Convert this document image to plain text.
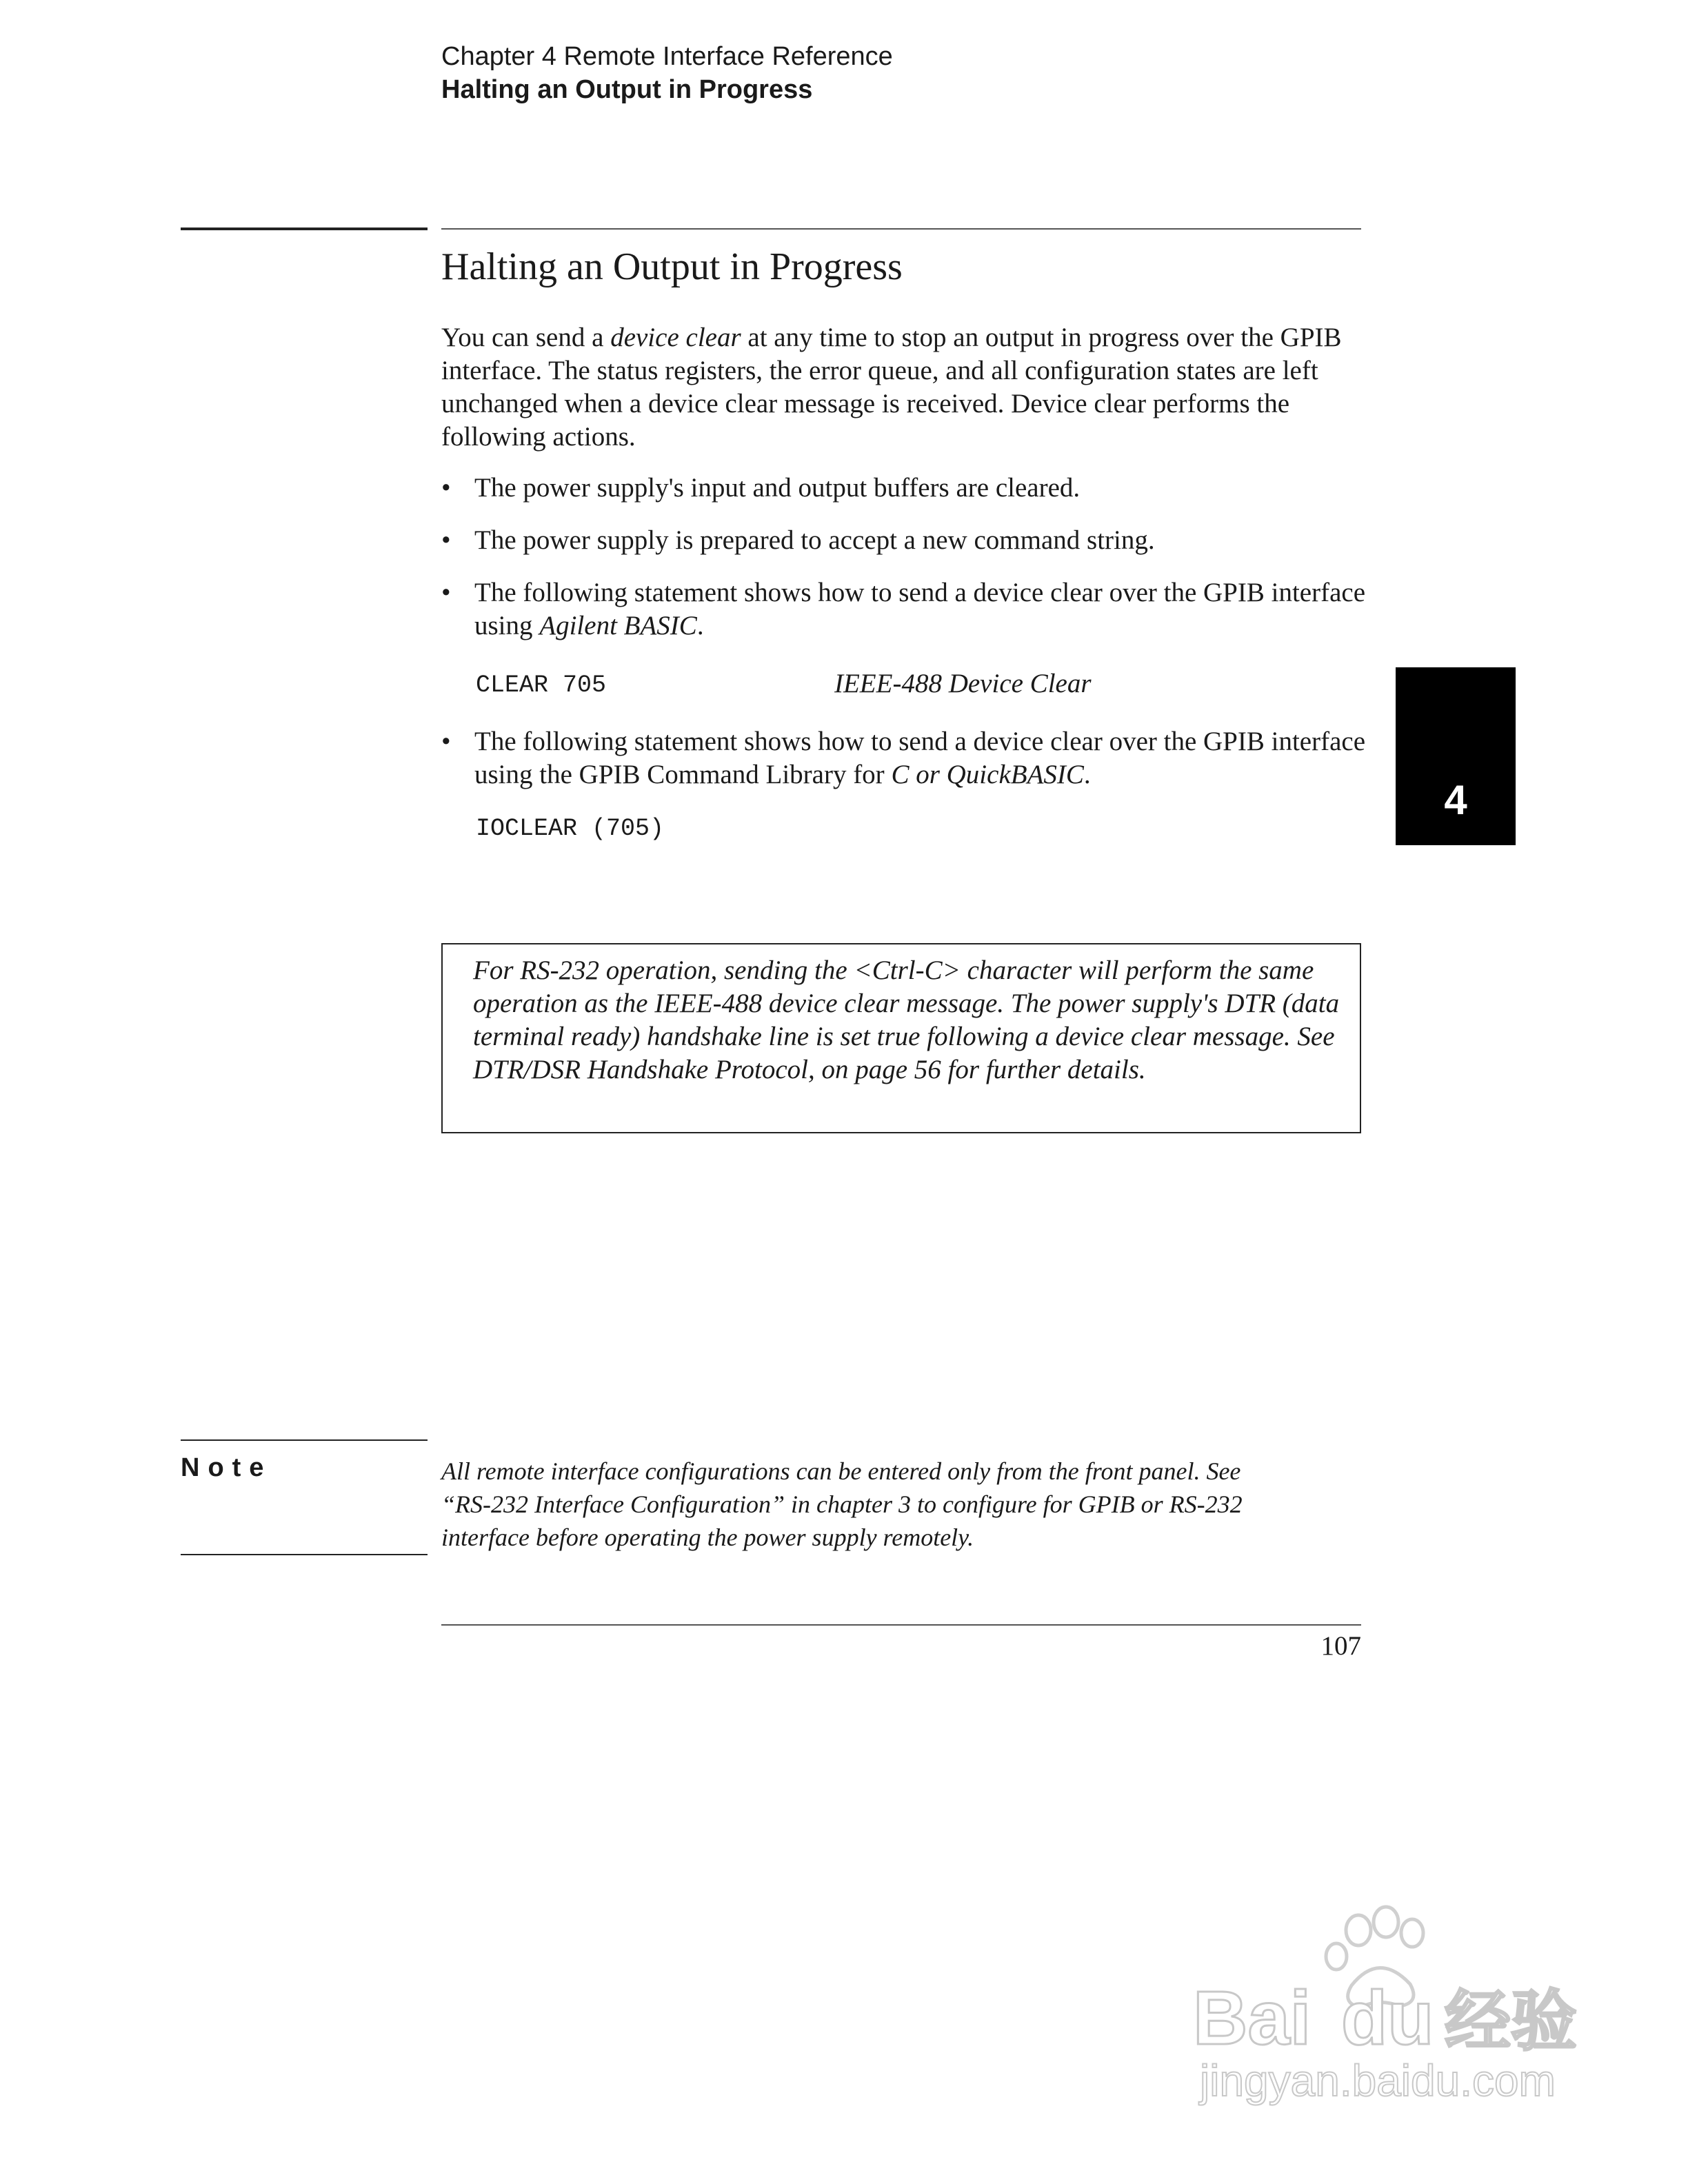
Chapter 4 Remote Interface Reference
Halting an Output in Progress
Halting an Output in Progress

You can send a device clear at any time to stop an output in progress over the GPIB interface. The status registers, the error queue, and all configuration states are left unchanged when a device clear message is received. Device clear performs the following actions.

• The power supply's input and output buffers are cleared.
• The power supply is prepared to accept a new command string.
• The following statement shows how to send a device clear over the GPIB interface using Agilent BASIC.
CLEAR 705	IEEE-488 Device Clear
• The following statement shows how to send a device clear over the GPIB interface using the GPIB Command Library for C or QuickBASIC.
IOCLEAR (705)
4

For RS-232 operation, sending the <Ctrl-C> character will perform the same operation as the IEEE-488 device clear message. The power supply's DTR (data terminal ready) handshake line is set true following a device clear message. See DTR/DSR Handshake Protocol, on page 56 for further details.

Note	All remote interface configurations can be entered only from the front panel. See “RS-232 Interface Configuration” in chapter 3 to configure for GPIB or RS-232 interface before operating the power supply remotely.

107
Bai du 经验
jingyan.baidu.com
